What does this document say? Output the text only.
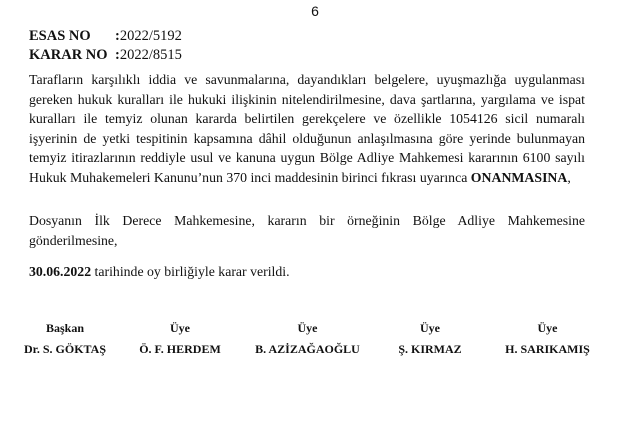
6
ESAS NO	: 2022/5192
KARAR NO : 2022/8515

Tarafların karşılıklı iddia ve savunmalarına, dayandıkları belgelere, uyuşmazlığa uygulanması gereken hukuk kuralları ile hukuki ilişkinin nitelendirilmesine, dava şartlarına, yargılama ve ispat kuralları ile temyiz olunan kararda belirtilen gerekçelere ve özellikle 1054126 sicil numaralı işyerinin de yetki tespitinin kapsamına dâhil olduğunun anlaşılmasına göre yerinde bulunmayan temyiz itirazlarının reddiyle usul ve kanuna uygun Bölge Adliye Mahkemesi kararının 6100 sayılı Hukuk Muhakemeleri Kanunu’nun 370 inci maddesinin birinci fıkrası uyarınca ONANMASINA,

Dosyanın İlk Derece Mahkemesine, kararın bir örneğinin Bölge Adliye Mahkemesine gönderilmesine,

30.06.2022 tarihinde oy birliğiyle karar verildi.

Başkan
Dr. S. GÖKTAŞ
Üye
Ö. F. HERDEM
Üye
B. AZİZAĞAOĞLU
Üye
Ş. KIRMAZ
Üye
H. SARIKAMIŞ
